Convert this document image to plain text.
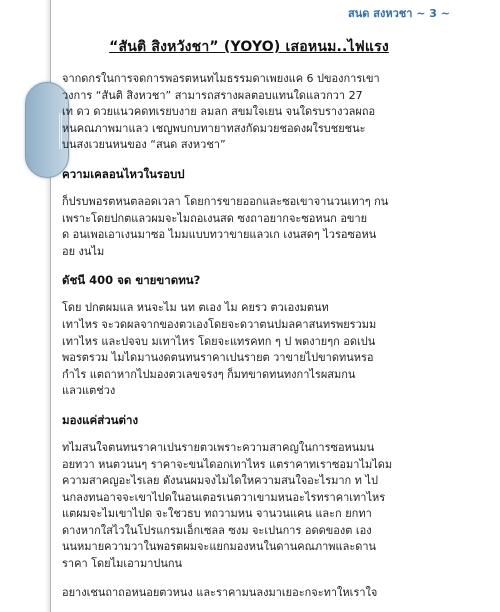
สนด สงหวชา ~ 3 ~
“สันติ สิงหวังชา” (YOYO) เสอหนม..ไฟแรง
จากดกรในการจดการพอรตหนทไมธรรมดาเพยงแค 6 ปของการเขา
วงการ “สันติ สิงหวชา” สามารถสรางผลตอบแทนใดแลวกวา 27
เท ดว ดวยแนวคดทเรยบงาย ลมลก สขมใจเยน จนใดรบรางวลผถอ
หนคณภาพมาแลว เชญพบกบทายาทสงกัดมวยชอดงผใรบชยชนะ
บนสงเวยนหนของ “สนด สงหวชา”
ความเคลอนไหวในรอบป
ก็ปรบพอรตหนตลอดเวลา โดยการขายออกและซอเขาจานวนเทาๆ กน
เพราะโดยปกตแลวผมจะไมถอเงนสด ซงถาอยากจะซอหนก อขาย
ด อนเพอเอาเงนมาซอ ไมมแบบทวาขายแลวเก เงนสดๆ ไวรอซอหน
อย งนไม
ดัชนี 400 จด ขายขาดทน?
โดย ปกตผมแล หนจะไม นท ตเอง ไม คยรว ตวเองมตนท
เทาไหร จะวดผลจากของตวเองโดยจะดวาตนปมลคาสนทรพยรวมม
เทาไหร และปจจบ มเทาไหร โดยจะแทรคทก ๆ ป พดงายๆก อดเปน
พอรตรวม ไมไดมานงดตนทนราคาเปนรายต วาขายไปขาดทนหรอ
กําไร แตถาหากไปมองตวเลขจรงๆ ก็มทขาดทนทงกาไรผสมกน
แลวแตช่วง
มองแค่ส่วนต่าง
ทไมสนใจตนทนราคาเปนรายตวเพราะความสาคญในการซอหนมน
อยทวา หนตวนนๆ ราคาจะขนไดอกเทาไหร แตราคาทเราซอมาไมไดม
ความสาคญอะไรเลย ดังนนผมจงไมไดใหความสนใจอะไรมาก ท ไป
นกลงทนอาจจะเขาไปดในอนเตอรเนตวาเขามหนอะไรทราคาเทาไหร
แตผมจะไมเขาไปด จะใชวธบ ทถวามหน จานวนแคน และก ยกทา
ดางหากใสไวในโปรแกรมเอ็กเซลล ซงม จะเปนการ อดดของต เอง
นนหมายความวาในพอรตผมจะแยกมองหนในดานคณภาพและดาน
ราคา โดยไมเอามาปนกน
อยางเชนถาถอหนอยตวหนง และราคามนลงมาเยอะกจะทาใหเราใจ
